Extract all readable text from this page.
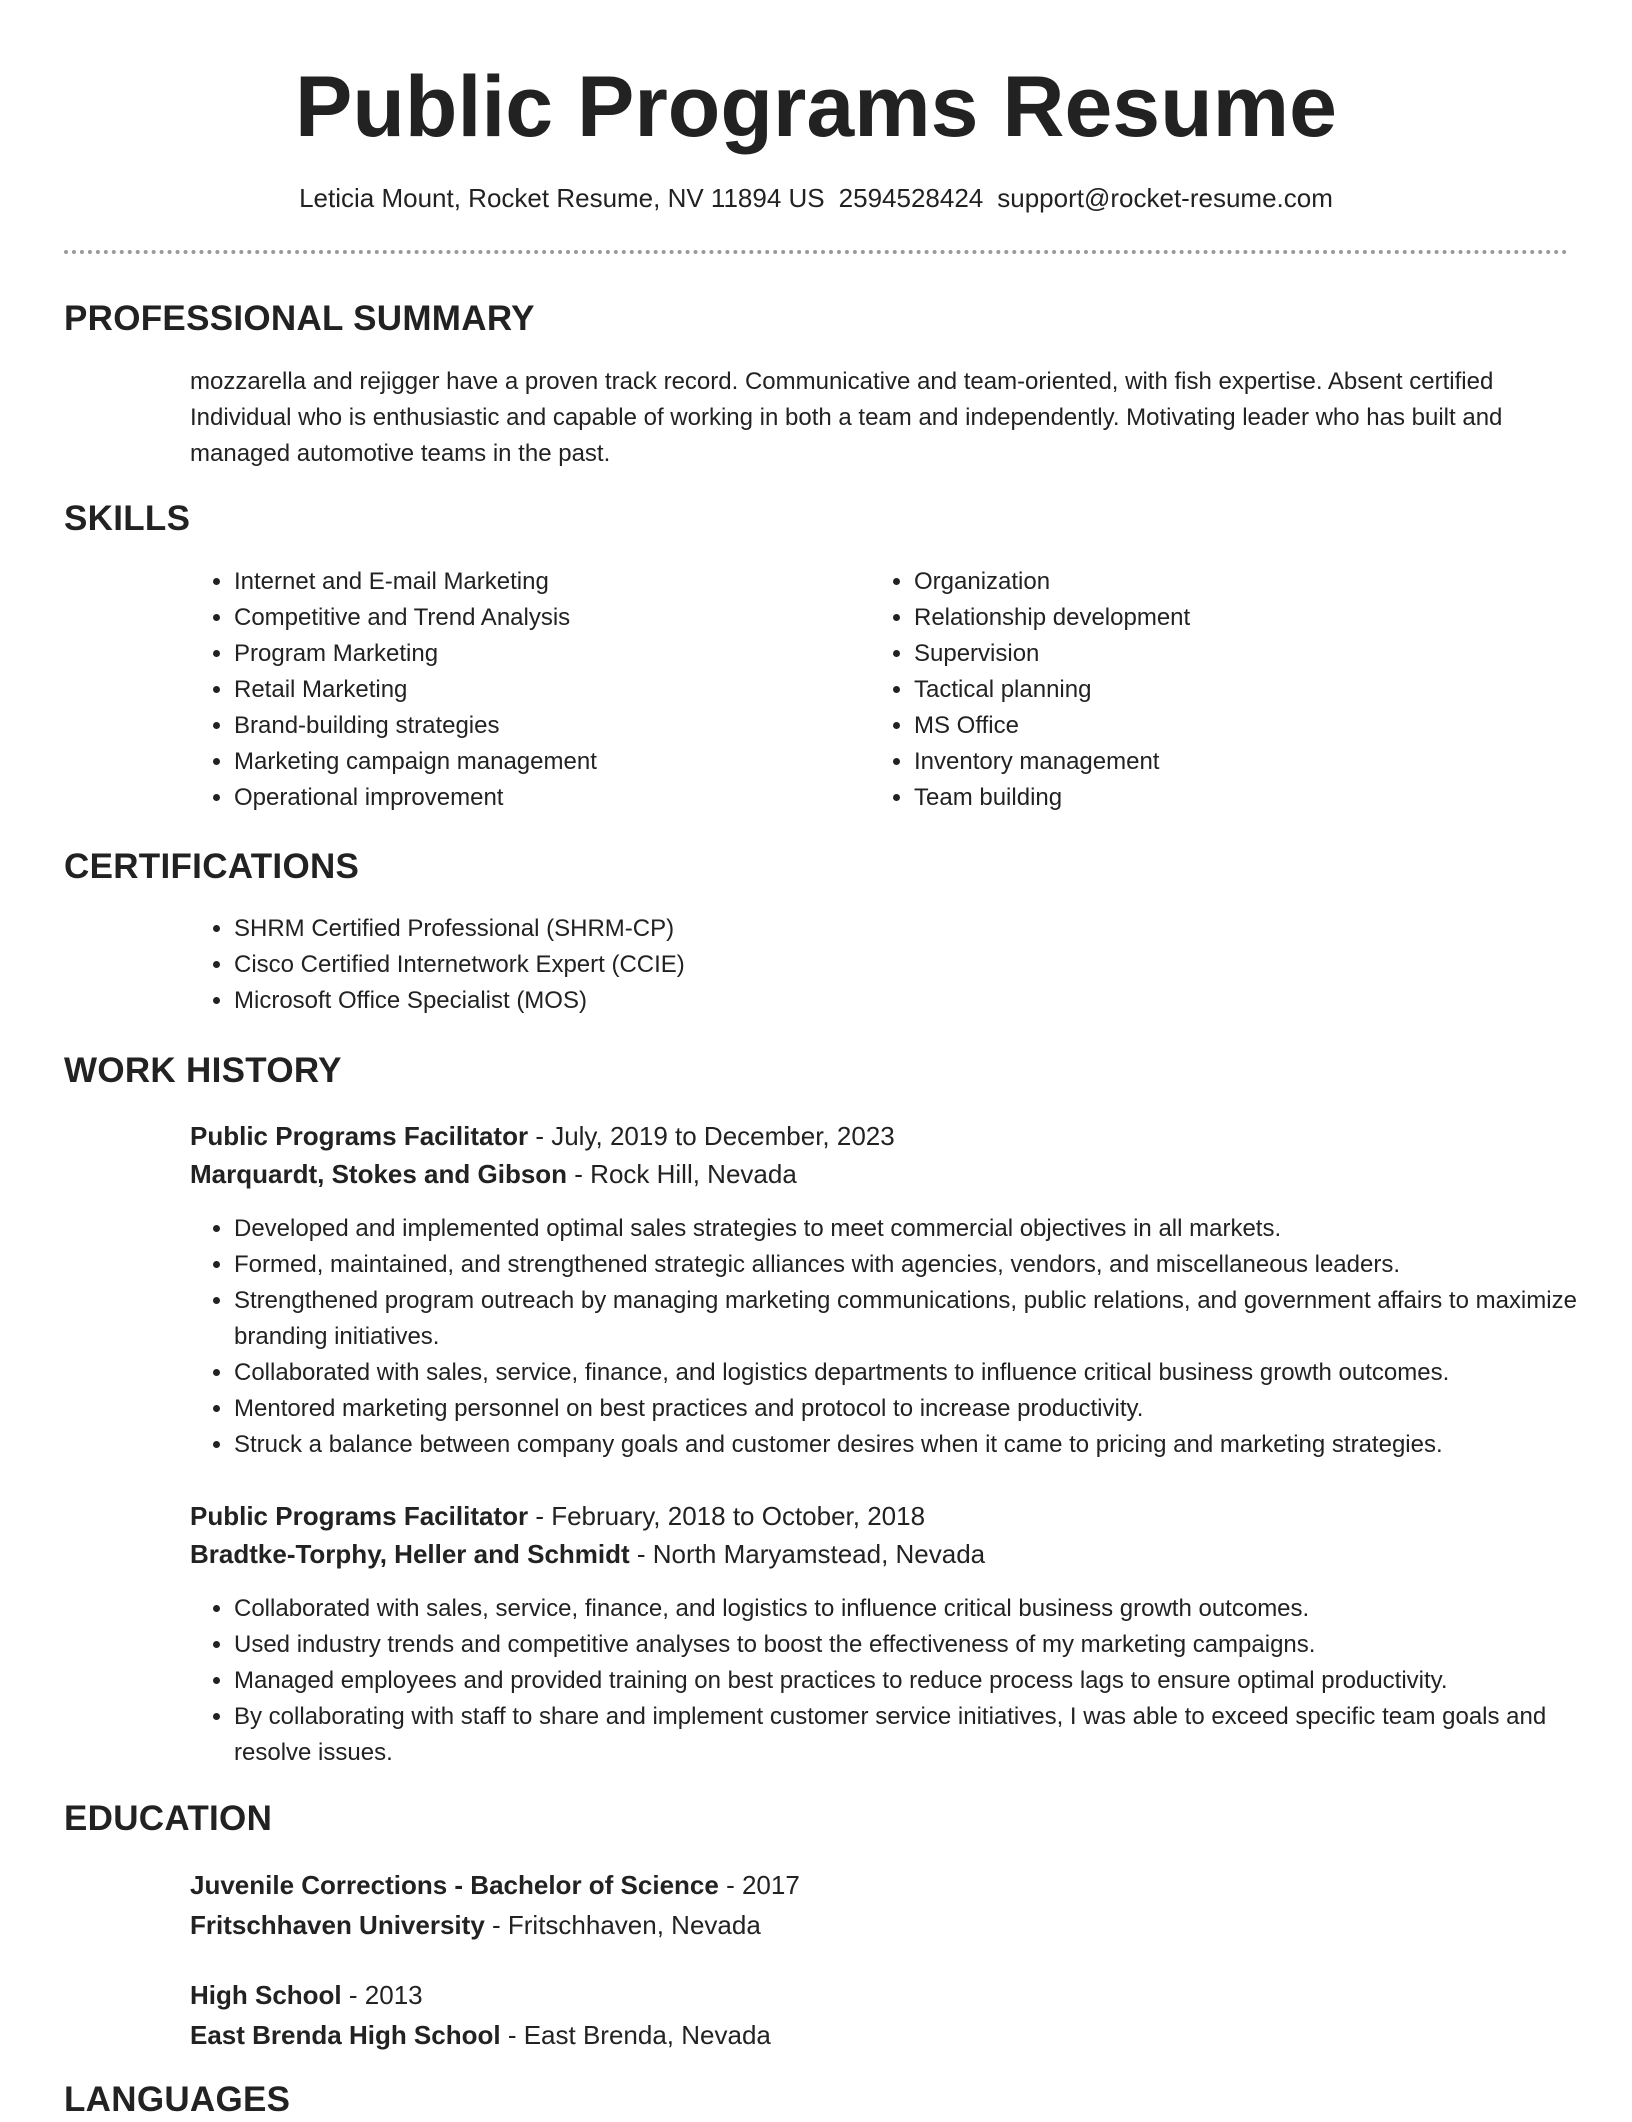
Public Programs Resume
Leticia Mount, Rocket Resume, NV 11894 US 2594528424 support@rocket-resume.com
PROFESSIONAL SUMMARY

mozzarella and rejigger have a proven track record. Communicative and team-oriented, with fish expertise. Absent certified Individual who is enthusiastic and capable of working in both a team and independently. Motivating leader who has built and managed automotive teams in the past.

SKILLS
• Internet and E-mail Marketing
• Competitive and Trend Analysis
• Program Marketing
• Retail Marketing
• Brand-building strategies
• Marketing campaign management
• Operational improvement
• Organization
• Relationship development
• Supervision
• Tactical planning
• MS Office
• Inventory management
• Team building
CERTIFICATIONS
• SHRM Certified Professional (SHRM-CP)
• Cisco Certified Internetwork Expert (CCIE)
• Microsoft Office Specialist (MOS)
WORK HISTORY
Public Programs Facilitator - July, 2019 to December, 2023
Marquardt, Stokes and Gibson - Rock Hill, Nevada
• Developed and implemented optimal sales strategies to meet commercial objectives in all markets.
• Formed, maintained, and strengthened strategic alliances with agencies, vendors, and miscellaneous leaders.
• Strengthened program outreach by managing marketing communications, public relations, and government affairs to maximize branding initiatives.
• Collaborated with sales, service, finance, and logistics departments to influence critical business growth outcomes.
• Mentored marketing personnel on best practices and protocol to increase productivity.
• Struck a balance between company goals and customer desires when it came to pricing and marketing strategies.
Public Programs Facilitator - February, 2018 to October, 2018
Bradtke-Torphy, Heller and Schmidt - North Maryamstead, Nevada
• Collaborated with sales, service, finance, and logistics to influence critical business growth outcomes.
• Used industry trends and competitive analyses to boost the effectiveness of my marketing campaigns.
• Managed employees and provided training on best practices to reduce process lags to ensure optimal productivity.
• By collaborating with staff to share and implement customer service initiatives, I was able to exceed specific team goals and resolve issues.
EDUCATION
Juvenile Corrections - Bachelor of Science - 2017
Fritschhaven University - Fritschhaven, Nevada
High School - 2013
East Brenda High School - East Brenda, Nevada
LANGUAGES
